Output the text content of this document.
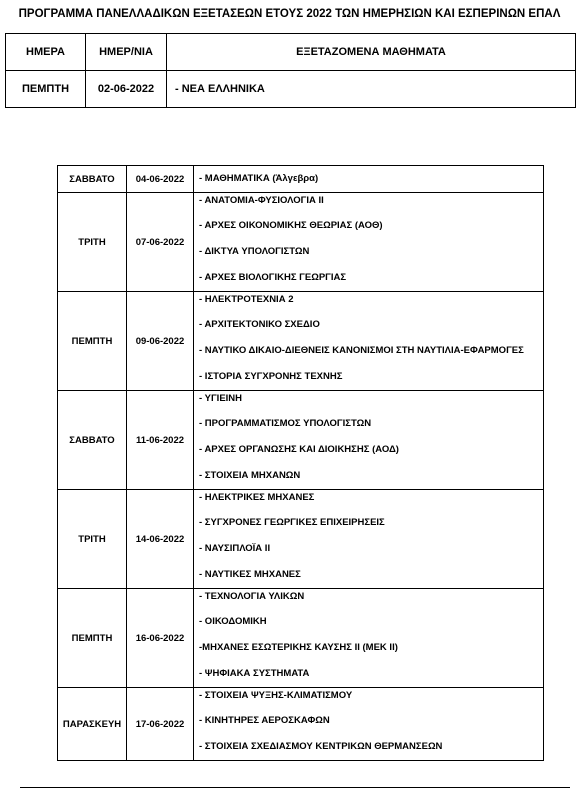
ΠΡΟΓΡΑΜΜΑ ΠΑΝΕΛΛΑΔΙΚΩΝ ΕΞΕΤΑΣΕΩΝ ΕΤΟΥΣ 2022 ΤΩΝ ΗΜΕΡΗΣΙΩΝ ΚΑΙ ΕΣΠΕΡΙΝΩΝ ΕΠΑΛ
ΗΜΕΡΑ	ΗΜΕΡ/ΝΙΑ	ΕΞΕΤΑΖΟΜΕΝΑ ΜΑΘΗΜΑΤΑ
ΠΕΜΠΤΗ	02-06-2022	- ΝΕΑ ΕΛΛΗΝΙΚΑ
ΣΑΒΒΑΤΟ	04-06-2022	- ΜΑΘΗΜΑΤΙΚΑ (Άλγεβρα)

ΤΡΙΤΗ	07-06-2022	- ΑΝΑΤΟΜΙΑ-ΦΥΣΙΟΛΟΓΙΑ ΙΙ
- ΑΡΧΕΣ ΟΙΚΟΝΟΜΙΚΗΣ ΘΕΩΡΙΑΣ (ΑΟΘ)
- ΔΙΚΤΥΑ ΥΠΟΛΟΓΙΣΤΩΝ
- ΑΡΧΕΣ ΒΙΟΛΟΓΙΚΗΣ ΓΕΩΡΓΙΑΣ

ΠΕΜΠΤΗ	09-06-2022	- ΗΛΕΚΤΡΟΤΕΧΝΙΑ 2
- ΑΡΧΙΤΕΚΤΟΝΙΚΟ ΣΧΕΔΙΟ
- ΝΑΥΤΙΚΟ ΔΙΚΑΙΟ-ΔΙΕΘΝΕΙΣ ΚΑΝΟΝΙΣΜΟΙ ΣΤΗ ΝΑΥΤΙΛΙΑ-ΕΦΑΡΜΟΓΕΣ
- ΙΣΤΟΡΙΑ ΣΥΓΧΡΟΝΗΣ ΤΕΧΝΗΣ

ΣΑΒΒΑΤΟ	11-06-2022	- ΥΓΙΕΙΝΗ
- ΠΡΟΓΡΑΜΜΑΤΙΣΜΟΣ ΥΠΟΛΟΓΙΣΤΩΝ
- ΑΡΧΕΣ ΟΡΓΑΝΩΣΗΣ ΚΑΙ ΔΙΟΙΚΗΣΗΣ (ΑΟΔ)
- ΣΤΟΙΧΕΙΑ ΜΗΧΑΝΩΝ

ΤΡΙΤΗ	14-06-2022	- ΗΛΕΚΤΡΙΚΕΣ ΜΗΧΑΝΕΣ
- ΣΥΓΧΡΟΝΕΣ ΓΕΩΡΓΙΚΕΣ ΕΠΙΧΕΙΡΗΣΕΙΣ
- ΝΑΥΣΙΠΛΟΪΑ ΙΙ
- ΝΑΥΤΙΚΕΣ ΜΗΧΑΝΕΣ

ΠΕΜΠΤΗ	16-06-2022	- ΤΕΧΝΟΛΟΓΙΑ ΥΛΙΚΩΝ
- ΟΙΚΟΔΟΜΙΚΗ
-ΜΗΧΑΝΕΣ ΕΣΩΤΕΡΙΚΗΣ ΚΑΥΣΗΣ ΙΙ (ΜΕΚ ΙΙ)
- ΨΗΦΙΑΚΑ ΣΥΣΤΗΜΑΤΑ

ΠΑΡΑΣΚΕΥΗ	17-06-2022	- ΣΤΟΙΧΕΙΑ ΨΥΞΗΣ-ΚΛΙΜΑΤΙΣΜΟΥ
- ΚΙΝΗΤΗΡΕΣ ΑΕΡΟΣΚΑΦΩΝ
- ΣΤΟΙΧΕΙΑ ΣΧΕΔΙΑΣΜΟΥ ΚΕΝΤΡΙΚΩΝ ΘΕΡΜΑΝΣΕΩΝ
